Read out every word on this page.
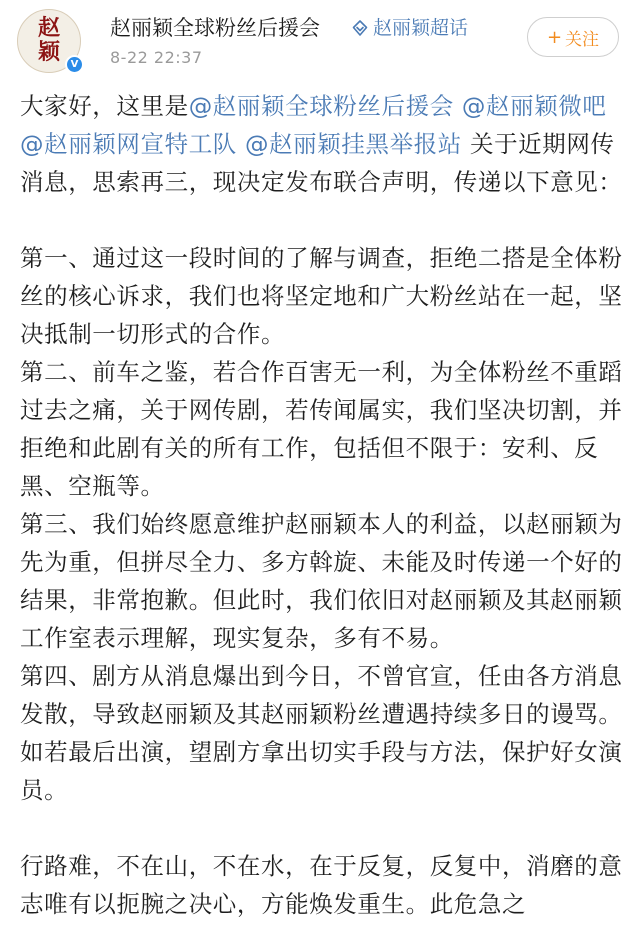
赵
颖	V
赵丽颖全球粉丝后援会	赵丽颖超话
8-22 22:37
+ 关注

大家好，这里是@赵丽颖全球粉丝后援会 @赵丽颖微吧 @赵丽颖网宣特工队 @赵丽颖挂黑举报站 关于近期网传消息，思索再三，现决定发布联合声明，传递以下意见：

第一、通过这一段时间的了解与调查，拒绝二搭是全体粉丝的核心诉求，我们也将坚定地和广大粉丝站在一起，坚决抵制一切形式的合作。

第二、前车之鉴，若合作百害无一利，为全体粉丝不重蹈过去之痛，关于网传剧，若传闻属实，我们坚决切割，并拒绝和此剧有关的所有工作，包括但不限于：安利、反黑、空瓶等。

第三、我们始终愿意维护赵丽颖本人的利益，以赵丽颖为先为重，但拼尽全力、多方斡旋、未能及时传递一个好的结果，非常抱歉。但此时，我们依旧对赵丽颖及其赵丽颖工作室表示理解，现实复杂，多有不易。

第四、剧方从消息爆出到今日，不曾官宣，任由各方消息发散，导致赵丽颖及其赵丽颖粉丝遭遇持续多日的谩骂。如若最后出演，望剧方拿出切实手段与方法，保护好女演员。

行路难，不在山，不在水，在于反复，反复中，消磨的意志唯有以扼腕之决心，方能焕发重生。此危急之
